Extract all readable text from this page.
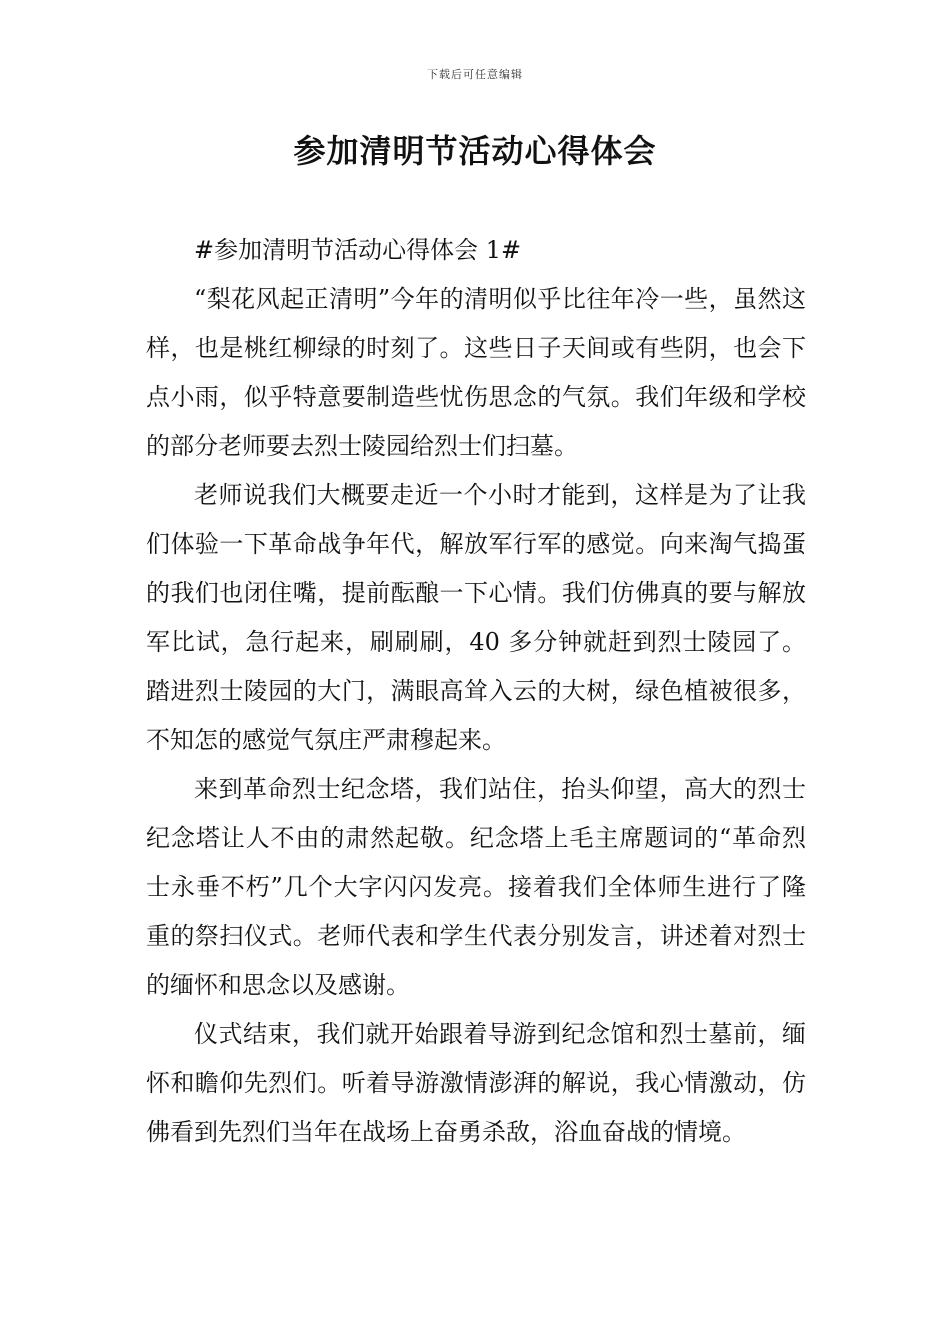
下载后可任意编辑
参加清明节活动心得体会

#参加清明节活动心得体会 1#

“梨花风起正清明”今年的清明似乎比往年冷一些，虽然这样，也是桃红柳绿的时刻了。这些日子天间或有些阴，也会下点小雨，似乎特意要制造些忧伤思念的气氛。我们年级和学校的部分老师要去烈士陵园给烈士们扫墓。

老师说我们大概要走近一个小时才能到，这样是为了让我们体验一下革命战争年代，解放军行军的感觉。向来淘气捣蛋的我们也闭住嘴，提前酝酿一下心情。我们仿佛真的要与解放军比试，急行起来，刷刷刷，40 多分钟就赶到烈士陵园了。踏进烈士陵园的大门，满眼高耸入云的大树，绿色植被很多，不知怎的感觉气氛庄严肃穆起来。

来到革命烈士纪念塔，我们站住，抬头仰望，高大的烈士纪念塔让人不由的肃然起敬。纪念塔上毛主席题词的“革命烈士永垂不朽”几个大字闪闪发亮。接着我们全体师生进行了隆重的祭扫仪式。老师代表和学生代表分别发言，讲述着对烈士的缅怀和思念以及感谢。

仪式结束，我们就开始跟着导游到纪念馆和烈士墓前，缅怀和瞻仰先烈们。听着导游激情澎湃的解说，我心情激动，仿佛看到先烈们当年在战场上奋勇杀敌，浴血奋战的情境。
